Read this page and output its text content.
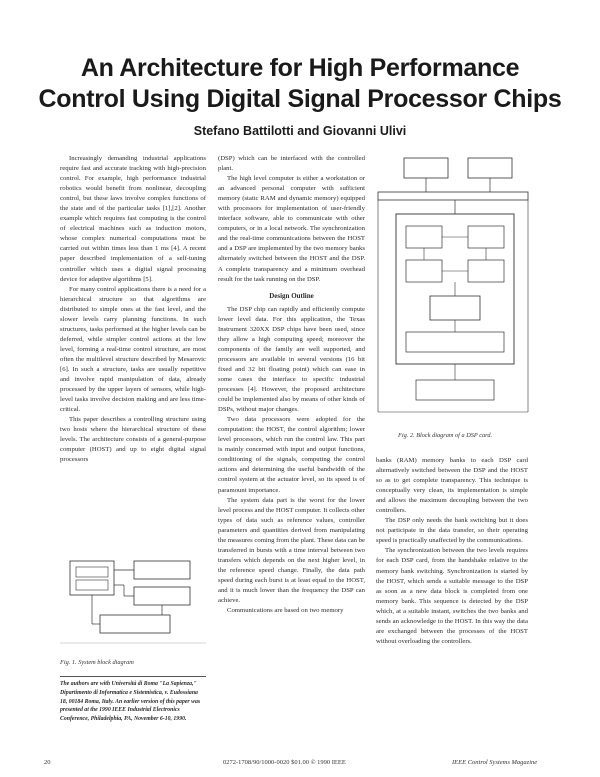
An Architecture for High Performance
Control Using Digital Signal Processor Chips
Stefano Battilotti and Giovanni Ulivi

Increasingly demanding industrial applications require fast and accurate tracking with high-precision control. For example, high performance industrial robotics would benefit from nonlinear, decoupling control, but these laws involve complex functions of the state and of the particular tasks [1],[2]. Another example which requires fast computing is the control of electrical machines such as induction motors, whose complex numerical computations must be carried out within times less than 1 ms [4]. A recent paper described implementation of a self-tuning controller which uses a digital signal processing device for adaptive algorithms [5].

For many control applications there is a need for a hierarchical structure so that algorithms are distributed to simple ones at the fast level, and the slower levels carry planning functions. In such structures, tasks performed at the higher levels can be deferred, while simpler control actions at the low level, forming a real-time control structure, are most often the multilevel structure described by Mesarovic [6]. In such a structure, tasks are usually repetitive and involve rapid manipulation of data, already processed by the upper layers of sensors, while high-level tasks involve decision making and are less time-critical.

This paper describes a controlling structure using two hosts where the hierarchical structure of these levels. The architecture consists of a general-purpose computer (HOST) and up to eight digital signal processors

Fig. 1. System block diagram
The authors are with Università di Roma "La Sapienza," Dipartimento di Informatica e Sistemistica, v. Eudossiana 18, 00184 Roma, Italy. An earlier version of this paper was presented at the 1990 IEEE Industrial Electronics Conference, Philadelphia, PA, November 6-10, 1990.

(DSP) which can be interfaced with the controlled plant.

The high level computer is either a workstation or an advanced personal computer with sufficient memory (static RAM and dynamic memory) equipped with processors for implementation of user-friendly interface software, able to communicate with other computers, or in a local network. The synchronization and the real-time communications between the HOST and a DSP are implemented by the two memory banks alternately switched between the HOST and the DSP. A complete transparency and a minimum overhead result for the task running on the DSP.

Design Outline

The DSP chip can rapidly and efficiently compute lower level data. For this application, the Texas Instrument 320XX DSP chips have been used, since they allow a high computing speed; moreover the components of the family are well supported, and processors are available in several versions (16 bit fixed and 32 bit floating point) which can ease in some cases the interface to specific industrial processes [4]. However, the proposed architecture could be implemented also by means of other kinds of DSPs, without major changes.

Two data processors were adopted for the computation: the HOST, the control algorithm; lower level processors, which run the control law. This part is mainly concerned with input and output functions, conditioning of the signals, computing the control actions and determining the useful bandwidth of the control system at the actuator level, so its speed is of paramount importance.

The system data part is the worst for the lower level process and the HOST computer. It collects other types of data such as reference values, controller parameters and quantities derived from manipulating the measures coming from the plant. These data can be transferred in bursts with a time interval between two transfers which depends on the next higher level, in the reference speed change. Finally, the data path speed during each burst is at least equal to the HOST, and it is much lower than the frequency the DSP can achieve.

Communications are based on two memory

Fig. 2. Block diagram of a DSP card.

banks (RAM) memory banks to each DSP card alternatively switched between the DSP and the HOST so as to get complete transparency. This technique is conceptually very clean, its implementation is simple and allows the maximum decoupling between the two controllers.

The DSP only needs the bank switching but it does not participate in the data transfer, so their operating speed is practically unaffected by the communications.

The synchronization between the two levels requires for each DSP card, from the handshake relative to the memory bank switching. Synchronization is started by the HOST, which sends a suitable message to the DSP as soon as a new data block is completed from one memory bank. This sequence is detected by the DSP which, at a suitable instant, switches the two banks and sends an acknowledge to the HOST. In this way the data are exchanged between the processes of the HOST without overloading the controllers.

20	0272-1708/90/1000-0020 $01.00 © 1990 IEEE	IEEE Control Systems Magazine
